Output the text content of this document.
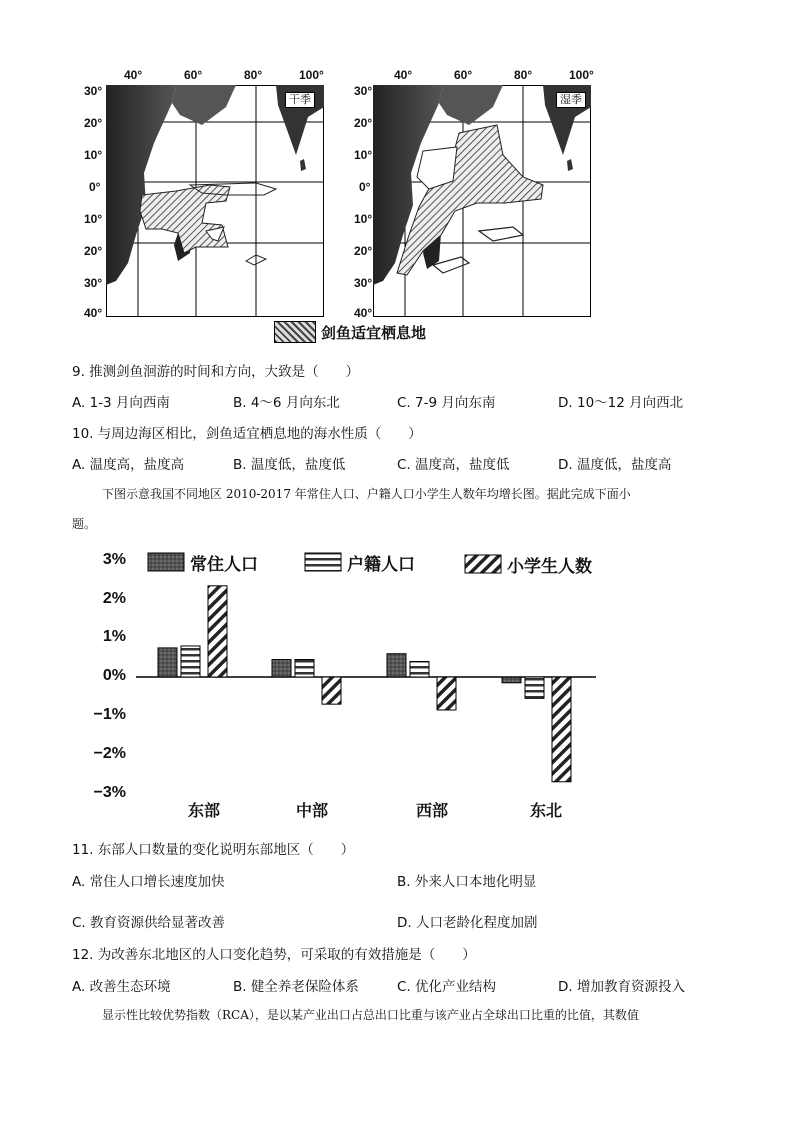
40°	60°	80°	100°	40°	60°	80°	100°
30°
20°
10°
0°
10°
20°
30°
40°
30°
20°
10°
0°
10°
20°
30°
40°
干季	湿季
剑鱼适宜栖息地
9. 推测剑鱼洄游的时间和方向，大致是（　　）
A. 1-3 月向西南	B. 4～6 月向东北	C. 7-9 月向东南	D. 10～12 月向西北
10. 与周边海区相比，剑鱼适宜栖息地的海水性质（　　）
A. 温度高，盐度高	B. 温度低，盐度低	C. 温度高，盐度低	D. 温度低，盐度高
下图示意我国不同地区 2010-2017 年常住人口、户籍人口小学生人数年均增长图。据此完成下面小
题。
3%
2%
1%
0%
−1%
−2%
−3%
常住人口	户籍人口	小学生人数
东部	中部	西部	东北
11. 东部人口数量的变化说明东部地区（　　）
A. 常住人口增长速度加快	B. 外来人口本地化明显
C. 教育资源供给显著改善	D. 人口老龄化程度加剧
12. 为改善东北地区的人口变化趋势，可采取的有效措施是（　　）
A. 改善生态环境	B. 健全养老保险体系	C. 优化产业结构	D. 增加教育资源投入
显示性比较优势指数（RCA），是以某产业出口占总出口比重与该产业占全球出口比重的比值，其数值
